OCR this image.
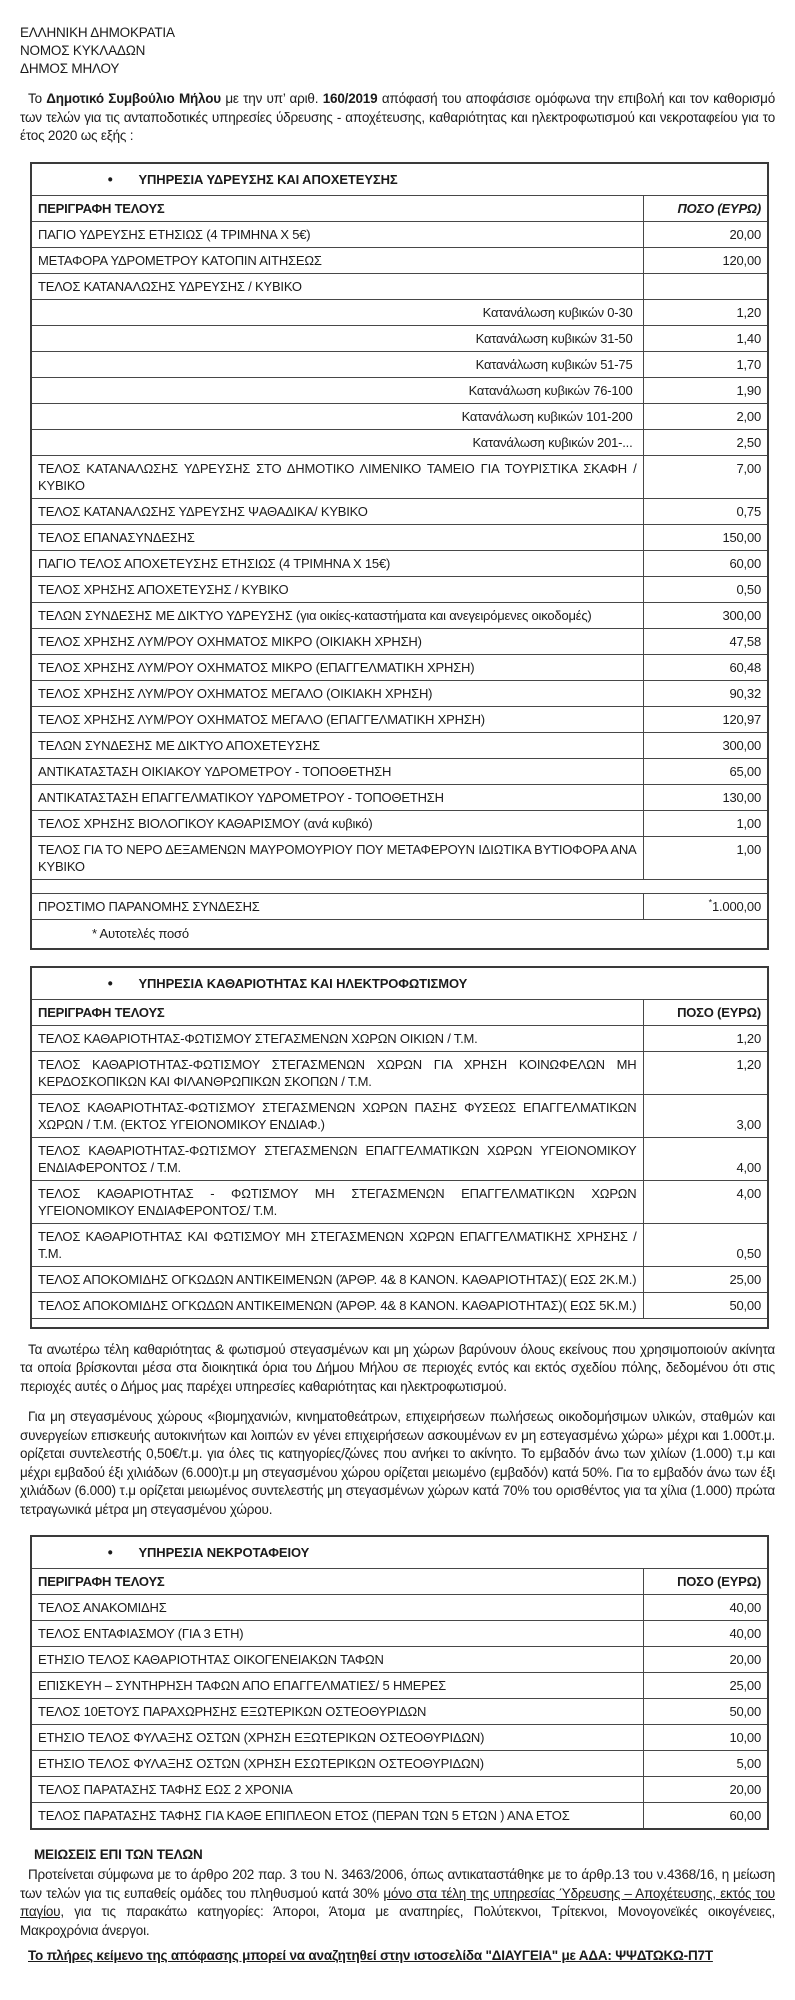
ΕΛΛΗΝΙΚΗ ΔΗΜΟΚΡΑΤΙΑ
ΝΟΜΟΣ ΚΥΚΛΑΔΩΝ
ΔΗΜΟΣ ΜΗΛΟΥ

Το Δημοτικό Συμβούλιο Μήλου με την υπ’ αριθ. 160/2019 απόφασή του αποφάσισε ομόφωνα την επιβολή και τον καθορισμό των τελών για τις ανταποδοτικές υπηρεσίες ύδρευσης - αποχέτευσης, καθαριότητας και ηλεκτροφωτισμού και νεκροταφείου για το έτος 2020 ως εξής :

• ΥΠΗΡΕΣΙΑ ΥΔΡΕΥΣΗΣ ΚΑΙ ΑΠΟΧΕΤΕΥΣΗΣ	
ΠΕΡΙΓΡΑΦΗ ΤΕΛΟΥΣ	ΠΟΣΟ (ΕΥΡΩ)
ΠΑΓΙΟ ΥΔΡΕΥΣΗΣ ΕΤΗΣΙΩΣ (4 ΤΡΙΜΗΝΑ Χ 5€)	20,00
ΜΕΤΑΦΟΡΑ ΥΔΡΟΜΕΤΡΟΥ ΚΑΤΟΠΙΝ ΑΙΤΗΣΕΩΣ	120,00
ΤΕΛΟΣ ΚΑΤΑΝΑΛΩΣΗΣ ΥΔΡΕΥΣΗΣ / ΚΥΒΙΚΟ	
Κατανάλωση κυβικών 0-30	1,20
Κατανάλωση κυβικών 31-50	1,40
Κατανάλωση κυβικών 51-75	1,70
Κατανάλωση κυβικών 76-100	1,90
Κατανάλωση κυβικών 101-200	2,00
Κατανάλωση κυβικών 201-...	2,50
ΤΕΛΟΣ ΚΑΤΑΝΑΛΩΣΗΣ ΥΔΡΕΥΣΗΣ ΣΤΟ ΔΗΜΟΤΙΚΟ ΛΙΜΕΝΙΚΟ ΤΑΜΕΙΟ ΓΙΑ ΤΟΥΡΙΣΤΙΚΑ ΣΚΑΦΗ / ΚΥΒΙΚΟ	7,00
ΤΕΛΟΣ ΚΑΤΑΝΑΛΩΣΗΣ ΥΔΡΕΥΣΗΣ ΨΑΘΑΔΙΚΑ/ ΚΥΒΙΚΟ	0,75
ΤΕΛΟΣ ΕΠΑΝΑΣΥΝΔΕΣΗΣ	150,00
ΠΑΓΙΟ ΤΕΛΟΣ ΑΠΟΧΕΤΕΥΣΗΣ ΕΤΗΣΙΩΣ (4 ΤΡΙΜΗΝΑ Χ 15€)	60,00
ΤΕΛΟΣ ΧΡΗΣΗΣ ΑΠΟΧΕΤΕΥΣΗΣ / ΚΥΒΙΚΟ	0,50
ΤΕΛΩΝ ΣΥΝΔΕΣΗΣ ΜΕ ΔΙΚΤΥΟ ΥΔΡΕΥΣΗΣ (για οικίες-καταστήματα και ανεγειρόμενες οικοδομές)	300,00
ΤΕΛΟΣ ΧΡΗΣΗΣ ΛΥΜ/ΡΟΥ ΟΧΗΜΑΤΟΣ ΜΙΚΡΟ (ΟΙΚΙΑΚΗ ΧΡΗΣΗ)	47,58
ΤΕΛΟΣ ΧΡΗΣΗΣ ΛΥΜ/ΡΟΥ ΟΧΗΜΑΤΟΣ ΜΙΚΡΟ (ΕΠΑΓΓΕΛΜΑΤΙΚΗ ΧΡΗΣΗ)	60,48
ΤΕΛΟΣ ΧΡΗΣΗΣ ΛΥΜ/ΡΟΥ ΟΧΗΜΑΤΟΣ ΜΕΓΑΛΟ (ΟΙΚΙΑΚΗ ΧΡΗΣΗ)	90,32
ΤΕΛΟΣ ΧΡΗΣΗΣ ΛΥΜ/ΡΟΥ ΟΧΗΜΑΤΟΣ ΜΕΓΑΛΟ (ΕΠΑΓΓΕΛΜΑΤΙΚΗ ΧΡΗΣΗ)	120,97
ΤΕΛΩΝ ΣΥΝΔΕΣΗΣ ΜΕ ΔΙΚΤΥΟ ΑΠΟΧΕΤΕΥΣΗΣ	300,00
ΑΝΤΙΚΑΤΑΣΤΑΣΗ ΟΙΚΙΑΚΟΥ ΥΔΡΟΜΕΤΡΟΥ - ΤΟΠΟΘΕΤΗΣΗ	65,00
ΑΝΤΙΚΑΤΑΣΤΑΣΗ ΕΠΑΓΓΕΛΜΑΤΙΚΟΥ ΥΔΡΟΜΕΤΡΟΥ - ΤΟΠΟΘΕΤΗΣΗ	130,00
ΤΕΛΟΣ ΧΡΗΣΗΣ ΒΙΟΛΟΓΙΚΟΥ ΚΑΘΑΡΙΣΜΟΥ (ανά κυβικό)	1,00
ΤΕΛΟΣ ΓΙΑ ΤΟ ΝΕΡΟ ΔΕΞΑΜΕΝΩΝ ΜΑΥΡΟΜΟΥΡΙΟΥ ΠΟΥ ΜΕΤΑΦΕΡΟΥΝ ΙΔΙΩΤΙΚΑ ΒΥΤΙΟΦΟΡΑ ΑΝΑ ΚΥΒΙΚΟ	1,00

ΠΡΟΣΤΙΜΟ ΠΑΡΑΝΟΜΗΣ ΣΥΝΔΕΣΗΣ	*1.000,00
* Αυτοτελές ποσό	
• ΥΠΗΡΕΣΙΑ ΚΑΘΑΡΙΟΤΗΤΑΣ ΚΑΙ ΗΛΕΚΤΡΟΦΩΤΙΣΜΟΥ	
ΠΕΡΙΓΡΑΦΗ ΤΕΛΟΥΣ	ΠΟΣΟ (ΕΥΡΩ)
ΤΕΛΟΣ ΚΑΘΑΡΙΟΤΗΤΑΣ-ΦΩΤΙΣΜΟΥ ΣΤΕΓΑΣΜΕΝΩΝ ΧΩΡΩΝ ΟΙΚΙΩΝ / Τ.Μ.	1,20
ΤΕΛΟΣ ΚΑΘΑΡΙΟΤΗΤΑΣ-ΦΩΤΙΣΜΟΥ ΣΤΕΓΑΣΜΕΝΩΝ ΧΩΡΩΝ ΓΙΑ ΧΡΗΣΗ ΚΟΙΝΩΦΕΛΩΝ ΜΗ ΚΕΡΔΟΣΚΟΠΙΚΩΝ ΚΑΙ ΦΙΛΑΝΘΡΩΠΙΚΩΝ ΣΚΟΠΩΝ / Τ.Μ.	1,20
ΤΕΛΟΣ ΚΑΘΑΡΙΟΤΗΤΑΣ-ΦΩΤΙΣΜΟΥ ΣΤΕΓΑΣΜΕΝΩΝ ΧΩΡΩΝ ΠΑΣΗΣ ΦΥΣΕΩΣ ΕΠΑΓΓΕΛΜΑΤΙΚΩΝ ΧΩΡΩΝ / Τ.Μ. (ΕΚΤΟΣ ΥΓΕΙΟΝΟΜΙΚΟΥ ΕΝΔΙΑΦ.)	3,00
ΤΕΛΟΣ ΚΑΘΑΡΙΟΤΗΤΑΣ-ΦΩΤΙΣΜΟΥ ΣΤΕΓΑΣΜΕΝΩΝ ΕΠΑΓΓΕΛΜΑΤΙΚΩΝ ΧΩΡΩΝ ΥΓΕΙΟΝΟΜΙΚΟΥ ΕΝΔΙΑΦΕΡΟΝΤΟΣ / Τ.Μ.	4,00
ΤΕΛΟΣ ΚΑΘΑΡΙΟΤΗΤΑΣ - ΦΩΤΙΣΜΟΥ ΜΗ ΣΤΕΓΑΣΜΕΝΩΝ ΕΠΑΓΓΕΛΜΑΤΙΚΩΝ ΧΩΡΩΝ ΥΓΕΙΟΝΟΜΙΚΟΥ ΕΝΔΙΑΦΕΡΟΝΤΟΣ/ Τ.Μ.	4,00
ΤΕΛΟΣ ΚΑΘΑΡΙΟΤΗΤΑΣ ΚΑΙ ΦΩΤΙΣΜΟΥ ΜΗ ΣΤΕΓΑΣΜΕΝΩΝ ΧΩΡΩΝ ΕΠΑΓΓΕΛΜΑΤΙΚΗΣ ΧΡΗΣΗΣ / Τ.Μ.	0,50
ΤΕΛΟΣ ΑΠΟΚΟΜΙΔΗΣ ΟΓΚΩΔΩΝ ΑΝΤΙΚΕΙΜΕΝΩΝ (ΆΡΘΡ. 4& 8 ΚΑΝΟΝ. ΚΑΘΑΡΙΟΤΗΤΑΣ)( ΕΩΣ 2Κ.Μ.)	25,00
ΤΕΛΟΣ ΑΠΟΚΟΜΙΔΗΣ ΟΓΚΩΔΩΝ ΑΝΤΙΚΕΙΜΕΝΩΝ (ΆΡΘΡ. 4& 8 ΚΑΝΟΝ. ΚΑΘΑΡΙΟΤΗΤΑΣ)( ΕΩΣ 5Κ.Μ.)	50,00

Τα ανωτέρω τέλη καθαριότητας & φωτισμού στεγασμένων και μη χώρων βαρύνουν όλους εκείνους που χρησιμοποιούν ακίνητα τα οποία βρίσκονται μέσα στα διοικητικά όρια του Δήμου Μήλου σε περιοχές εντός και εκτός σχεδίου πόλης, δεδομένου ότι στις περιοχές αυτές ο Δήμος μας παρέχει υπηρεσίες καθαριότητας και ηλεκτροφωτισμού.

Για μη στεγασμένους χώρους «βιομηχανιών, κινηματοθεάτρων, επιχειρήσεων πωλήσεως οικοδομήσιμων υλικών, σταθμών και συνεργείων επισκευής αυτοκινήτων και λοιπών εν γένει επιχειρήσεων ασκουμένων εν μη εστεγασμένω χώρω» μέχρι και 1.000τ.μ. ορίζεται συντελεστής 0,50€/τ.μ. για όλες τις κατηγορίες/ζώνες που ανήκει το ακίνητο. Το εμβαδόν άνω των χιλίων (1.000) τ.μ και μέχρι εμβαδού έξι χιλιάδων (6.000)τ.μ μη στεγασμένου χώρου ορίζεται μειωμένο (εμβαδόν) κατά 50%. Για το εμβαδόν άνω των έξι χιλιάδων (6.000) τ.μ ορίζεται μειωμένος συντελεστής μη στεγασμένων χώρων κατά 70% του ορισθέντος για τα χίλια (1.000) πρώτα τετραγωνικά μέτρα μη στεγασμένου χώρου.

• ΥΠΗΡΕΣΙΑ ΝΕΚΡΟΤΑΦΕΙΟΥ	
ΠΕΡΙΓΡΑΦΗ ΤΕΛΟΥΣ	ΠΟΣΟ (ΕΥΡΩ)
ΤΕΛΟΣ ΑΝΑΚΟΜΙΔΗΣ	40,00
ΤΕΛΟΣ ΕΝΤΑΦΙΑΣΜΟΥ (ΓΙΑ 3 ΕΤΗ)	40,00
ΕΤΗΣΙΟ ΤΕΛΟΣ ΚΑΘΑΡΙΟΤΗΤΑΣ ΟΙΚΟΓΕΝΕΙΑΚΩΝ ΤΑΦΩΝ	20,00
ΕΠΙΣΚΕΥΗ – ΣΥΝΤΗΡΗΣΗ ΤΑΦΩΝ ΑΠΟ ΕΠΑΓΓΕΛΜΑΤΙΕΣ/ 5 ΗΜΕΡΕΣ	25,00
ΤΕΛΟΣ 10ΕΤΟΥΣ ΠΑΡΑΧΩΡΗΣΗΣ ΕΞΩΤΕΡΙΚΩΝ ΟΣΤΕΟΘΥΡΙΔΩΝ	50,00
ΕΤΗΣΙΟ ΤΕΛΟΣ ΦΥΛΑΞΗΣ ΟΣΤΩΝ (ΧΡΗΣΗ ΕΞΩΤΕΡΙΚΩΝ ΟΣΤΕΟΘΥΡΙΔΩΝ)	10,00
ΕΤΗΣΙΟ ΤΕΛΟΣ ΦΥΛΑΞΗΣ ΟΣΤΩΝ (ΧΡΗΣΗ ΕΣΩΤΕΡΙΚΩΝ ΟΣΤΕΟΘΥΡΙΔΩΝ)	5,00
ΤΕΛΟΣ ΠΑΡΑΤΑΣΗΣ ΤΑΦΗΣ ΕΩΣ 2 ΧΡΟΝΙΑ	20,00
ΤΕΛΟΣ ΠΑΡΑΤΑΣΗΣ ΤΑΦΗΣ ΓΙΑ ΚΑΘΕ ΕΠΙΠΛΕΟΝ ΕΤΟΣ (ΠΕΡΑΝ ΤΩΝ 5 ΕΤΩΝ ) ΑΝΑ ΕΤΟΣ	60,00
ΜΕΙΩΣΕΙΣ ΕΠΙ ΤΩΝ ΤΕΛΩΝ

Προτείνεται σύμφωνα με το άρθρο 202 παρ. 3 του Ν. 3463/2006, όπως αντικαταστάθηκε με το άρθρ.13 του ν.4368/16, η μείωση των τελών για τις ευπαθείς ομάδες του πληθυσμού κατά 30% μόνο στα τέλη της υπηρεσίας Ύδρευσης – Αποχέτευσης, εκτός του παγίου, για τις παρακάτω κατηγορίες: Άποροι, Άτομα με αναπηρίες, Πολύτεκνοι, Τρίτεκνοι, Μονογονεϊκές οικογένειες, Μακροχρόνια άνεργοι.

Το πλήρες κείμενο της απόφασης μπορεί να αναζητηθεί στην ιστοσελίδα "ΔΙΑΥΓΕΙΑ" με ΑΔΑ: ΨΨΔΤΩΚΩ-Π7Τ
